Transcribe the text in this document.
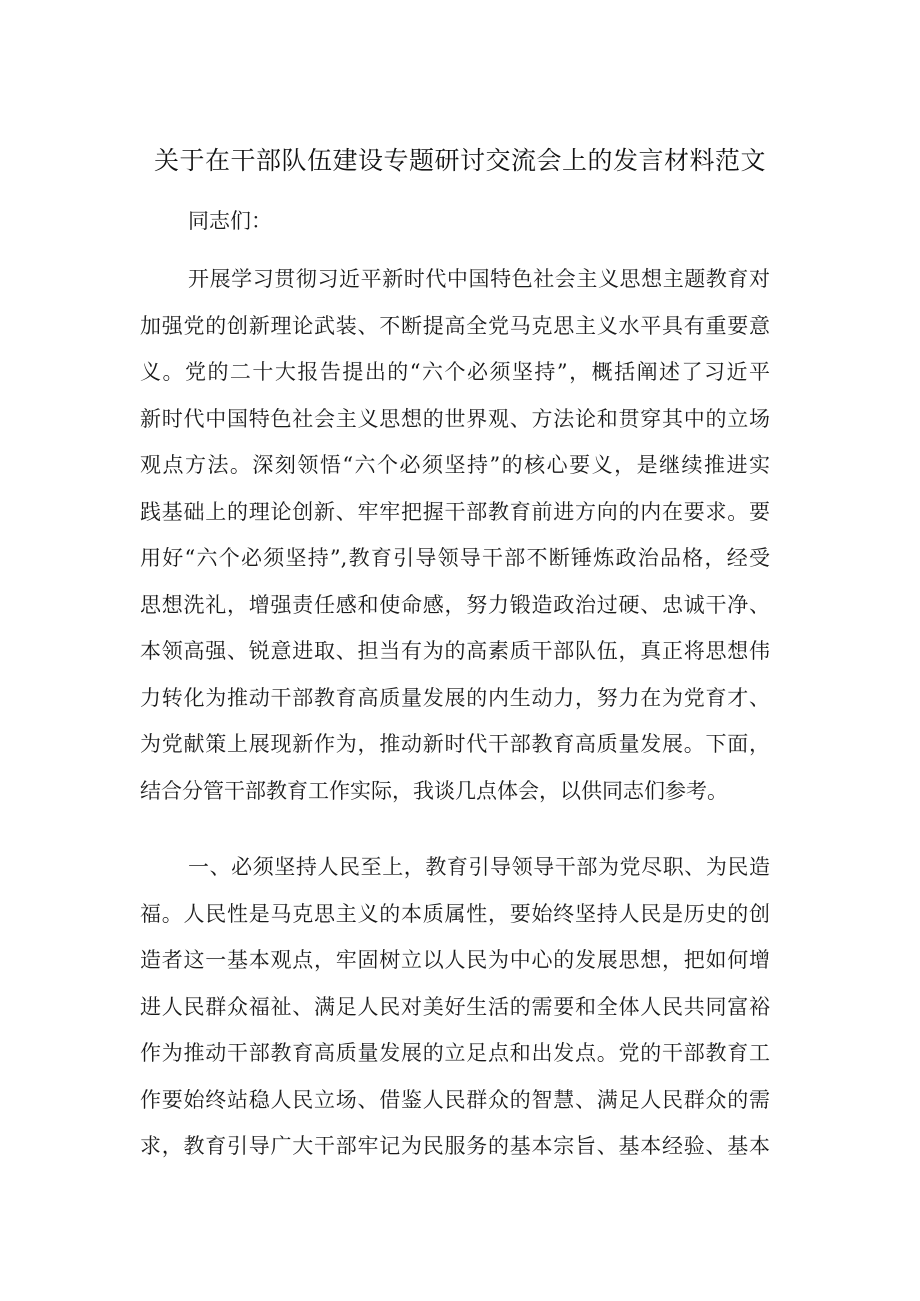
关于在干部队伍建设专题研讨交流会上的发言材料范文
同志们：
开展学习贯彻习近平新时代中国特色社会主义思想主题教育对
加强党的创新理论武装、不断提高全党马克思主义水平具有重要意
义。党的二十大报告提出的“六个必须坚持”，概括阐述了习近平
新时代中国特色社会主义思想的世界观、方法论和贯穿其中的立场
观点方法。深刻领悟“六个必须坚持”的核心要义，是继续推进实
践基础上的理论创新、牢牢把握干部教育前进方向的内在要求。要
用好“六个必须坚持”,教育引导领导干部不断锤炼政治品格，经受
思想洗礼，增强责任感和使命感，努力锻造政治过硬、忠诚干净、
本领高强、锐意进取、担当有为的高素质干部队伍，真正将思想伟
力转化为推动干部教育高质量发展的内生动力，努力在为党育才、
为党献策上展现新作为，推动新时代干部教育高质量发展。下面，
结合分管干部教育工作实际，我谈几点体会，以供同志们参考。
一、必须坚持人民至上，教育引导领导干部为党尽职、为民造
福。人民性是马克思主义的本质属性，要始终坚持人民是历史的创
造者这一基本观点，牢固树立以人民为中心的发展思想，把如何增
进人民群众福祉、满足人民对美好生活的需要和全体人民共同富裕
作为推动干部教育高质量发展的立足点和出发点。党的干部教育工
作要始终站稳人民立场、借鉴人民群众的智慧、满足人民群众的需
求，教育引导广大干部牢记为民服务的基本宗旨、基本经验、基本
